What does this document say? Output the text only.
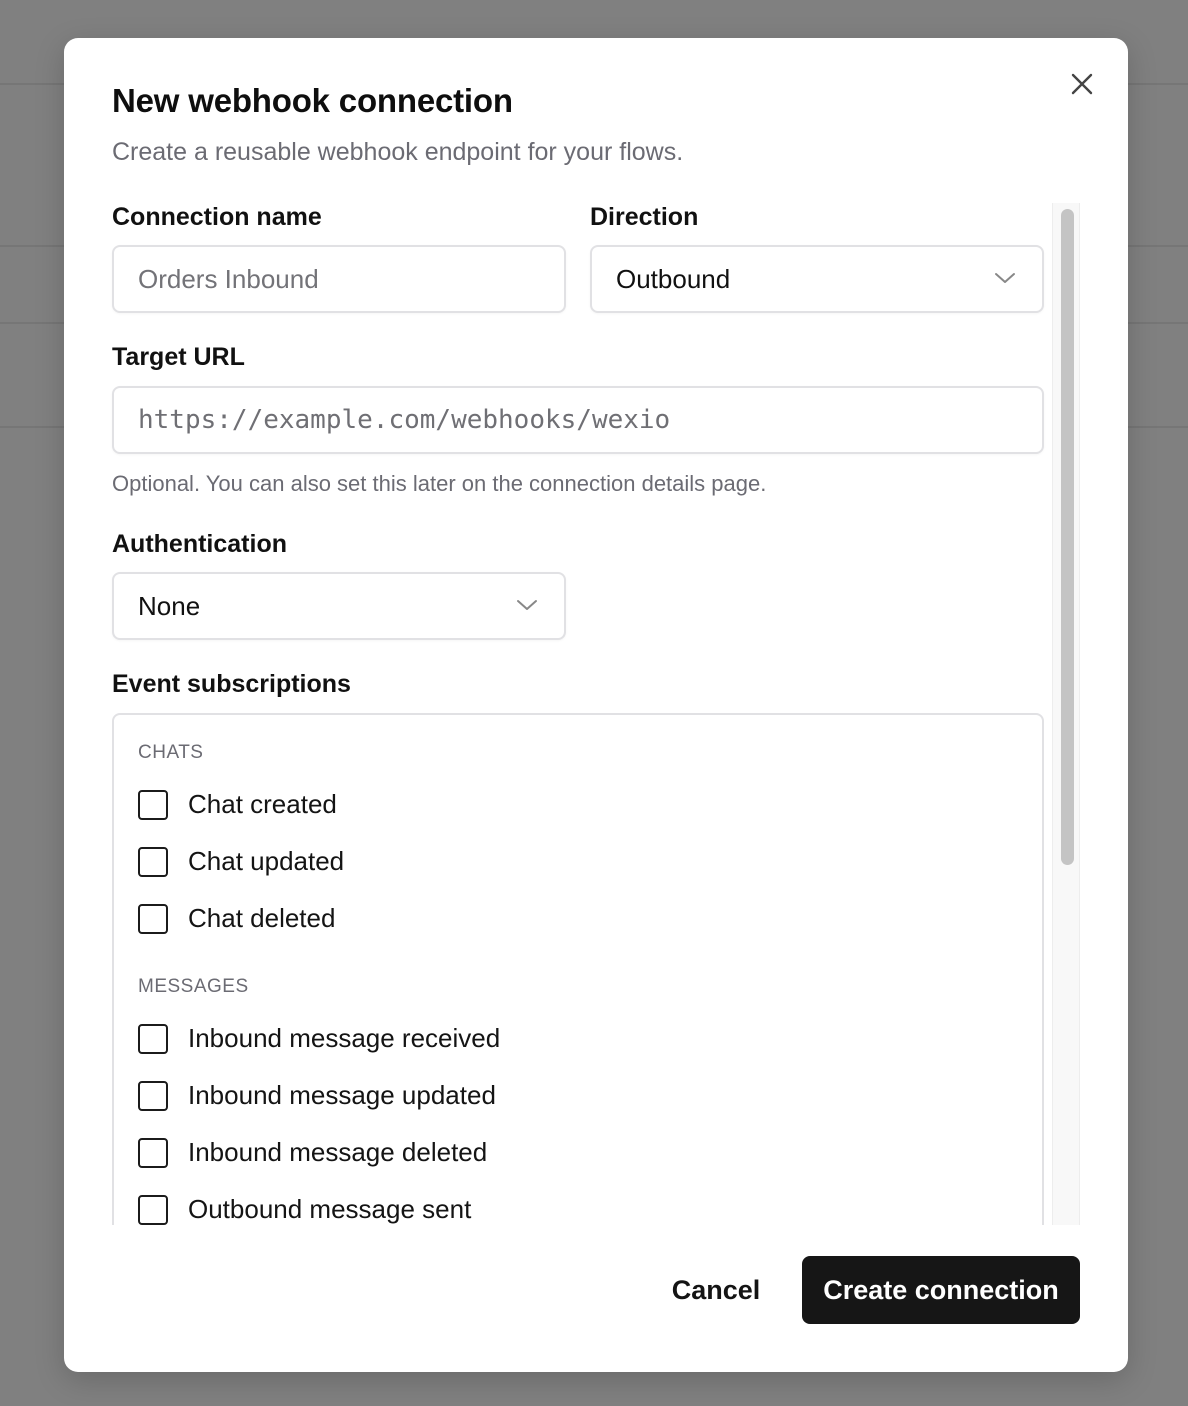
New webhook connection
Create a reusable webhook endpoint for your flows.
Connection name
Orders Inbound
Direction
Outbound
Target URL
https://example.com/webhooks/wexio
Optional. You can also set this later on the connection details page.
Authentication
None
Event subscriptions
CHATS
Chat created
Chat updated
Chat deleted
MESSAGES
Inbound message received
Inbound message updated
Inbound message deleted
Outbound message sent
Cancel	Create connection
